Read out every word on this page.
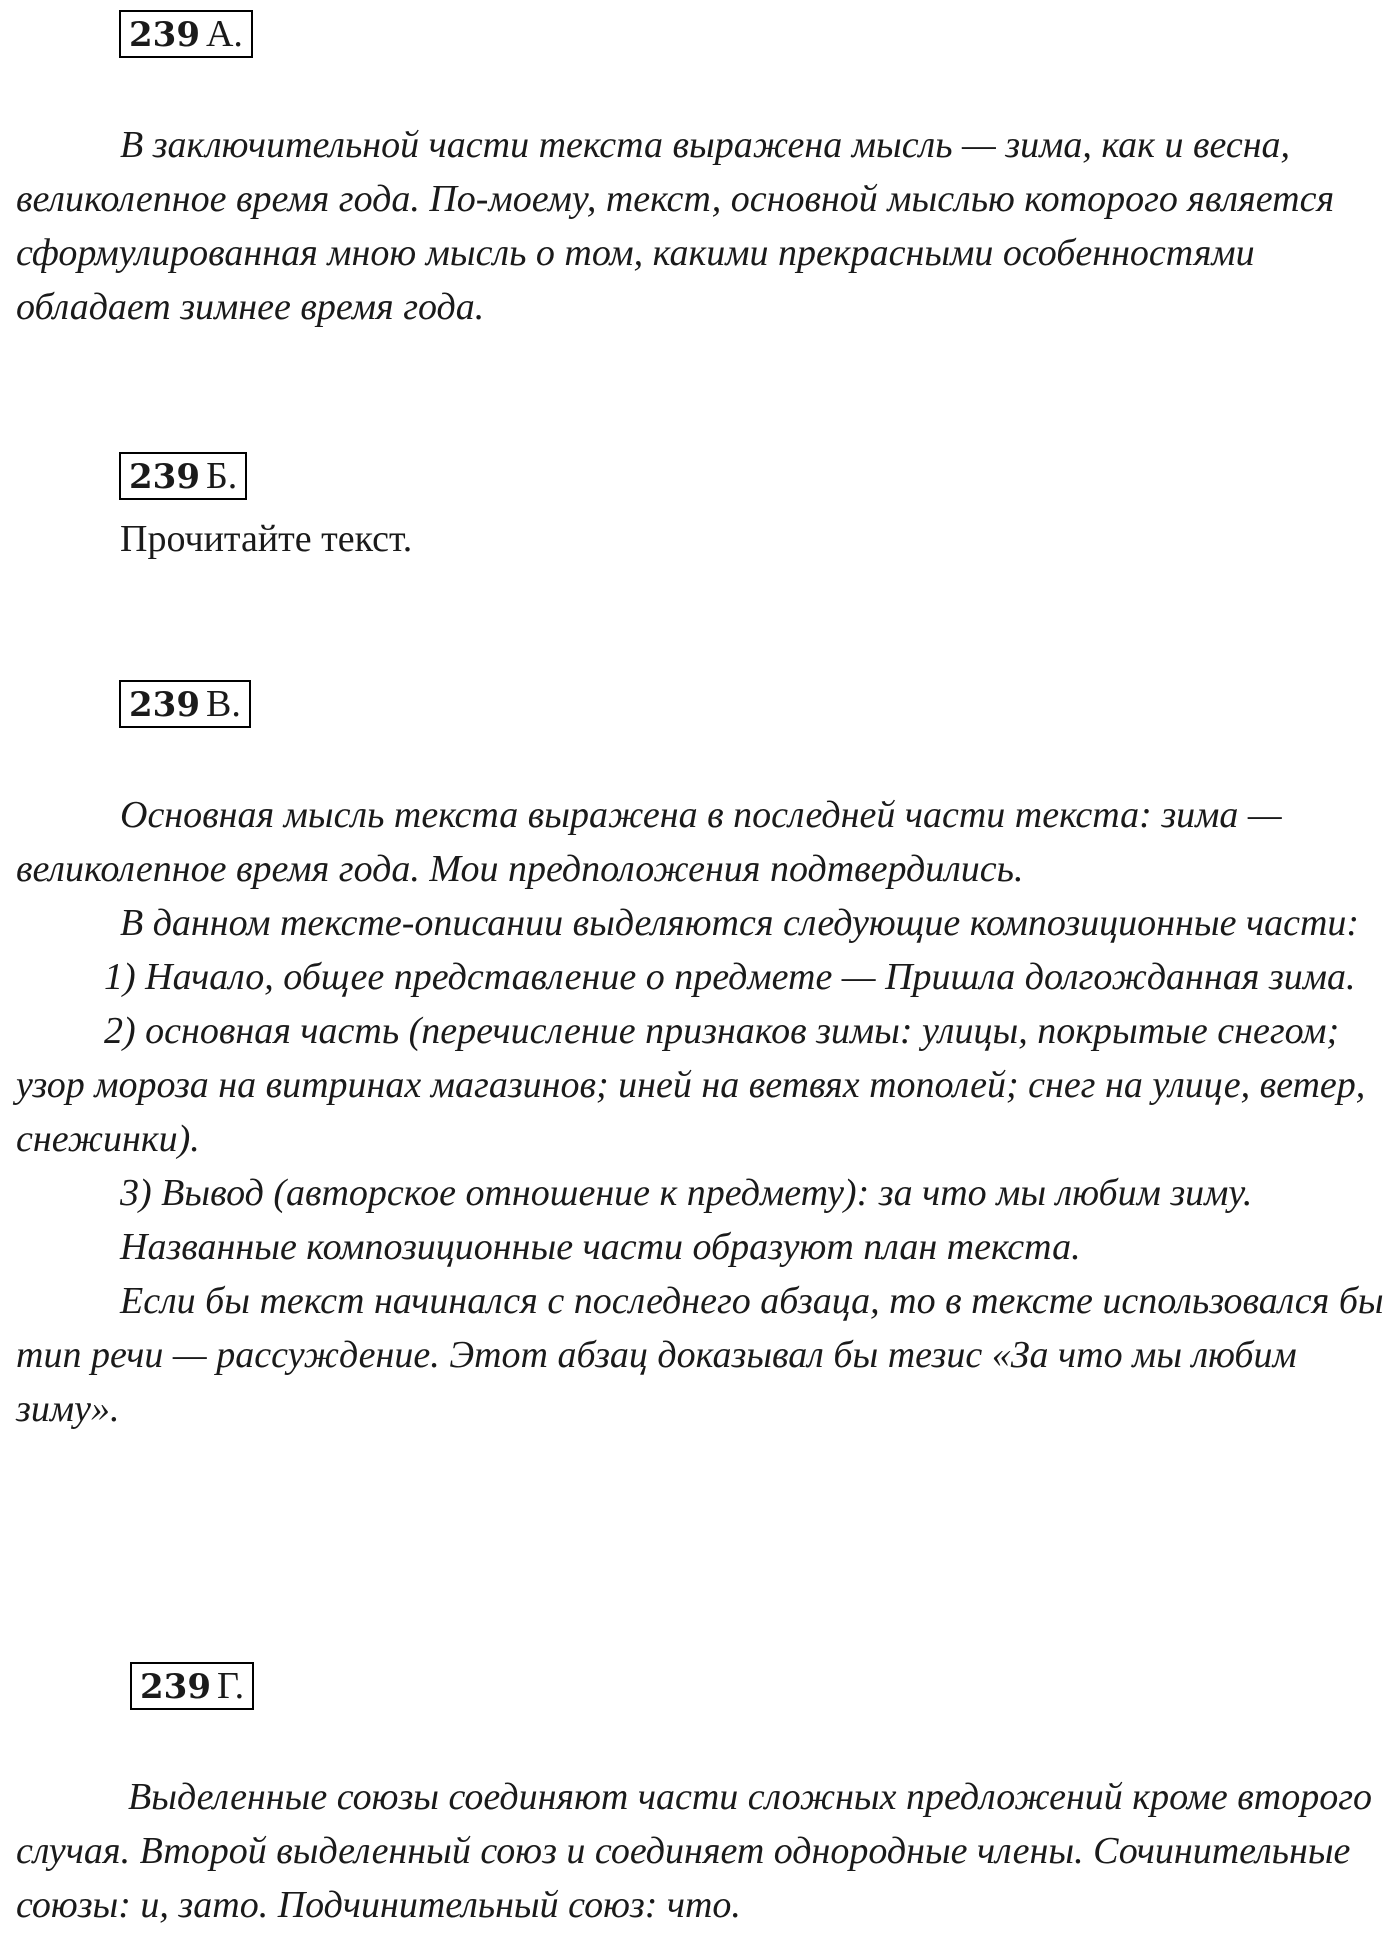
239 А.

В заключительной части текста выражена мысль — зима, как и весна, великолепное время года. По-моему, текст, основной мыслью которого является сформулированная мною мысль о том, какими прекрасными особенностями обладает зимнее время года.

239 Б.

Прочитайте текст.

239 В.

Основная мысль текста выражена в последней части текста: зима — великолепное время года. Мои предположения подтвердились.

В данном тексте-описании выделяются следующие композиционные части:

1) Начало, общее представление о предмете — Пришла долгожданная зима.

2) основная часть (перечисление признаков зимы: улицы, покрытые снегом; узор мороза на витринах магазинов; иней на ветвях тополей; снег на улице, ветер, снежинки).

3) Вывод (авторское отношение к предмету): за что мы любим зиму.

Названные композиционные части образуют план текста.

Если бы текст начинался с последнего абзаца, то в тексте использовался бы тип речи — рассуждение. Этот абзац доказывал бы тезис «За что мы любим зиму».

239 Г.

Выделенные союзы соединяют части сложных предложений кроме второго случая. Второй выделенный союз и соединяет однородные члены. Сочинительные союзы: и, зато. Подчинительный союз: что.
